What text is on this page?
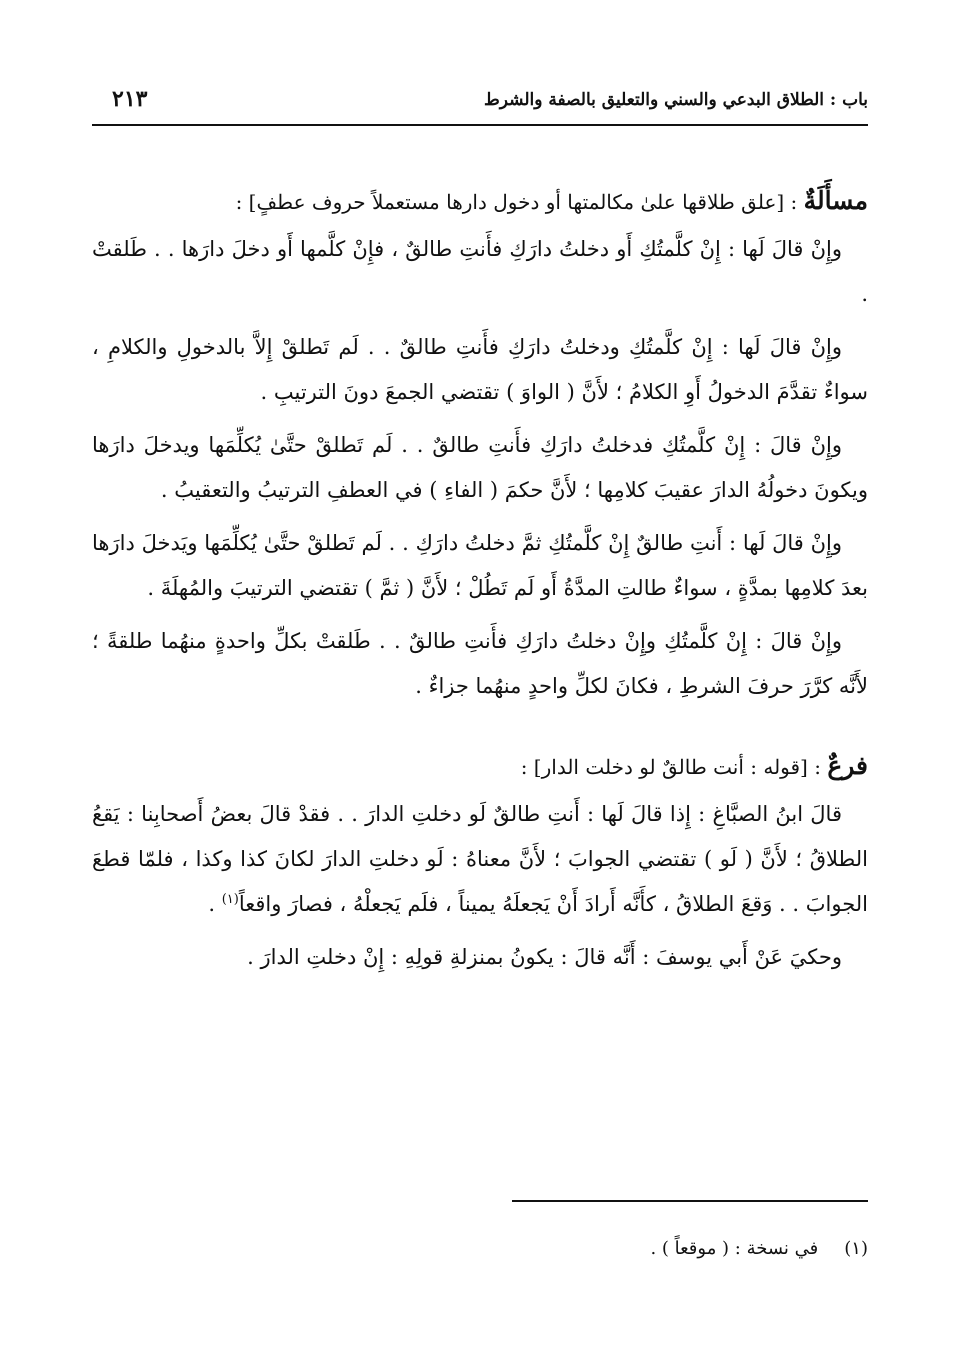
باب : الطلاق البدعي والسني والتعليق بالصفة والشرط
٢١٣
مسأَلَةٌ : [علق طلاقها علىٰ مكالمتها أو دخول دارها مستعملاً حروف عطفٍ] :

وإِنْ قالَ لَها : إِنْ كلَّمتُكِ أَو دخلتُ دارَكِ فأَنتِ طالقٌ ، فإِنْ كلَّمها أَو دخلَ دارَها . . طَلقتْ .

وإِنْ قالَ لَها : إِنْ كلَّمتُكِ ودخلتُ دارَكِ فأَنتِ طالقٌ . . لَم تَطلقْ إِلاَّ بالدخولِ والكلامِ ، سواءٌ تقدَّمَ الدخولُ أَوِ الكلامُ ؛ لأَنَّ ( الواوَ ) تقتضي الجمعَ دونَ الترتيبِ .

وإِنْ قالَ : إِنْ كلَّمتُكِ فدخلتُ دارَكِ فأَنتِ طالقٌ . . لَم تَطلقْ حتَّىٰ يُكلِّمَها ويدخلَ دارَها ويكونَ دخولُهُ الدارَ عقيبَ كلامِها ؛ لأَنَّ حكمَ ( الفاءِ ) في العطفِ الترتيبُ والتعقيبُ .

وإِنْ قالَ لَها : أَنتِ طالقٌ إِنْ كلَّمتُكِ ثمَّ دخلتُ دارَكِ . . لَم تَطلقْ حتَّىٰ يُكلِّمَها ويَدخلَ دارَها بعدَ كلامِها بمدَّةٍ ، سواءٌ طالتِ المدَّةُ أَو لَم تَطُلْ ؛ لأَنَّ ( ثمَّ ) تقتضي الترتيبَ والمُهلَةَ .

وإِنْ قالَ : إِنْ كلَّمتُكِ وإِنْ دخلتُ دارَكِ فأَنتِ طالقٌ . . طَلقتْ بكلِّ واحدةٍ منهُما طلقةً ؛ لأَنَّه كرَّرَ حرفَ الشرطِ ، فكانَ لكلِّ واحدٍ منهُما جزاءٌ .

فرعٌ : [قوله : أنت طالقٌ لو دخلت الدار] :

قالَ ابنُ الصبَّاغِ : إِذا قالَ لَها : أَنتِ طالقٌ لَو دخلتِ الدارَ . . فقدْ قالَ بعضُ أَصحابِنا : يَقعُ الطلاقُ ؛ لأَنَّ ( لَو ) تقتضي الجوابَ ؛ لأَنَّ معناهُ : لَو دخلتِ الدارَ لكانَ كذا وكذا ، فلمّا قطعَ الجوابَ . . وَقعَ الطلاقُ ، كأَنَّه أَرادَ أَنْ يَجعلَهُ يميناً ، فلَم يَجعلْهُ ، فصارَ واقعاً$^{(١)}$ .

وحكيَ عَنْ أَبي يوسفَ : أَنَّه قالَ : يكونُ بمنزلةِ قولِهِ : إِنْ دخلتِ الدارَ .

(١)في نسخة : ( موقعاً ) .
